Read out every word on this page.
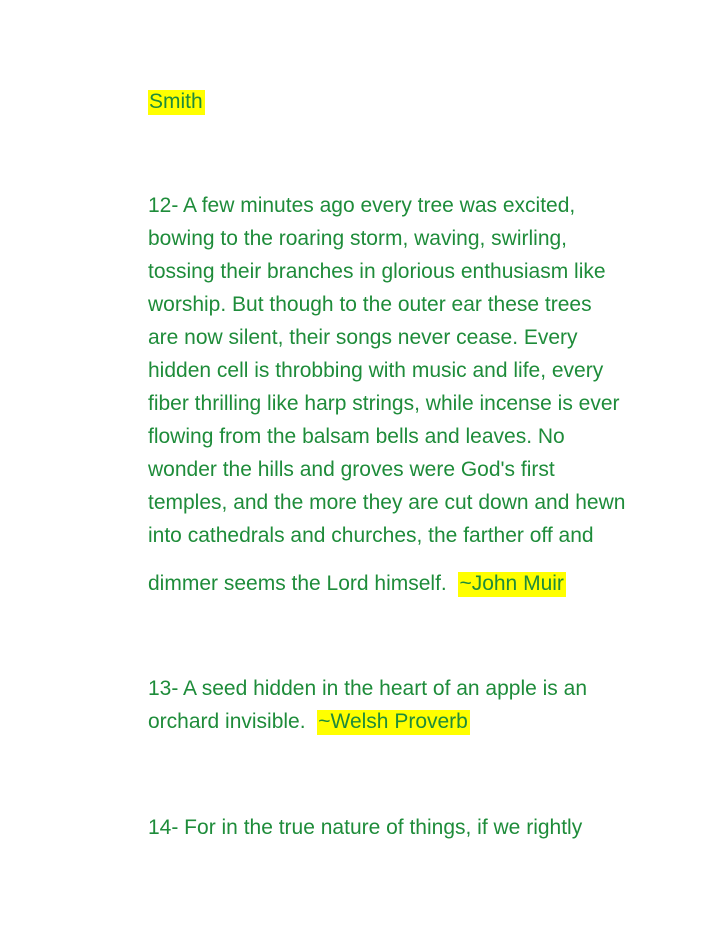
Smith

12- A few minutes ago every tree was excited,

bowing to the roaring storm, waving, swirling,

tossing their branches in glorious enthusiasm like

worship. But though to the outer ear these trees

are now silent, their songs never cease. Every

hidden cell is throbbing with music and life, every

fiber thrilling like harp strings, while incense is ever

flowing from the balsam bells and leaves. No

wonder the hills and groves were God's first

temples, and the more they are cut down and hewn

into cathedrals and churches, the farther off and

dimmer seems the Lord himself.  ~John Muir

13- A seed hidden in the heart of an apple is an

orchard invisible.  ~Welsh Proverb

14- For in the true nature of things, if we rightly
